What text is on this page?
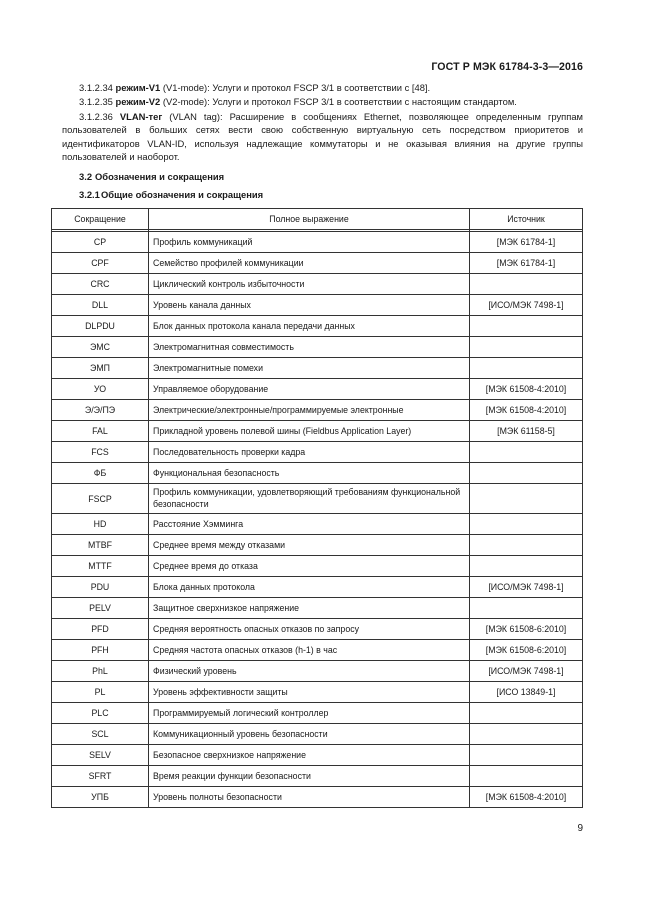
ГОСТ Р МЭК 61784-3-3—2016

3.1.2.34 режим-V1 (V1-mode): Услуги и протокол FSCP 3/1 в соответствии с [48].

3.1.2.35 режим-V2 (V2-mode): Услуги и протокол FSCP 3/1 в соответствии с настоящим стандартом.

3.1.2.36 VLAN-тег (VLAN tag): Расширение в сообщениях Ethernet, позволяющее определенным группам пользователей в больших сетях вести свою собственную виртуальную сеть посредством приоритетов и идентификаторов VLAN-ID, используя надлежащие коммутаторы и не оказывая влияния на другие группы пользователей и наоборот.

3.2 Обозначения и сокращения
3.2.1Общие обозначения и сокращения
Сокращение	Полное выражение	Источник

CP	Профиль коммуникаций	[МЭК 61784-1]
CPF	Семейство профилей коммуникации	[МЭК 61784-1]
CRC	Циклический контроль избыточности	
DLL	Уровень канала данных	[ИСО/МЭК 7498-1]
DLPDU	Блок данных протокола канала передачи данных	
ЭМС	Электромагнитная совместимость	
ЭМП	Электромагнитные помехи	
УО	Управляемое оборудование	[МЭК 61508-4:2010]
Э/Э/ПЭ	Электрические/электронные/программируемые электронные	[МЭК 61508-4:2010]
FAL	Прикладной уровень полевой шины (Fieldbus Application Layer)	[МЭК 61158-5]
FCS	Последовательность проверки кадра	
ФБ	Функциональная безопасность	
FSCP	Профиль коммуникации, удовлетворяющий требованиям функциональной безопасности	
HD	Расстояние Хэмминга	
MTBF	Среднее время между отказами	
MTTF	Среднее время до отказа	
PDU	Блока данных протокола	[ИСО/МЭК 7498-1]
PELV	Защитное сверхнизкое напряжение	
PFD	Средняя вероятность опасных отказов по запросу	[МЭК 61508-6:2010]
PFH	Средняя частота опасных отказов (h-1) в час	[МЭК 61508-6:2010]
PhL	Физический уровень	[ИСО/МЭК 7498-1]
PL	Уровень эффективности защиты	[ИСО 13849-1]
PLC	Программируемый логический контроллер	
SCL	Коммуникационный уровень безопасности	
SELV	Безопасное сверхнизкое напряжение	
SFRT	Время реакции функции безопасности	
УПБ	Уровень полноты безопасности	[МЭК 61508-4:2010]
9
